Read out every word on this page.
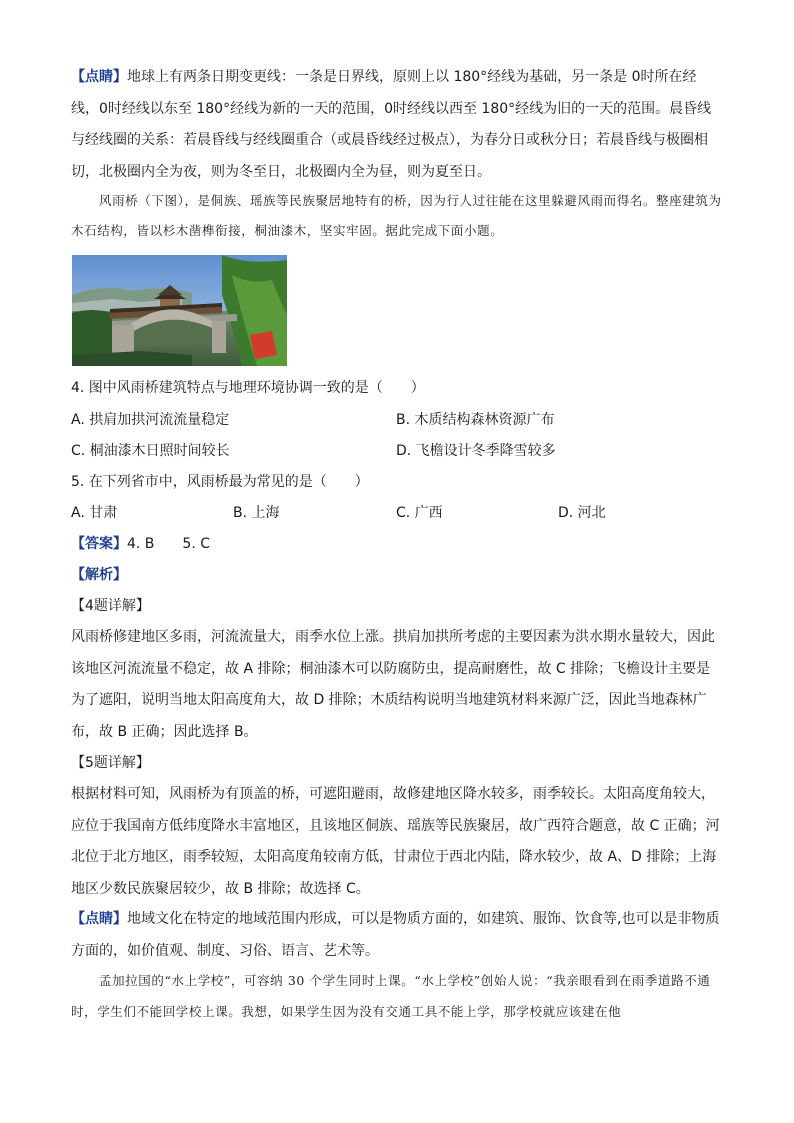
【点睛】地球上有两条日期变更线：一条是日界线，原则上以 180°经线为基础，另一条是 0时所在经线，0时经线以东至 180°经线为新的一天的范围，0时经线以西至 180°经线为旧的一天的范围。晨昏线与经线圈的关系：若晨昏线与经线圈重合（或晨昏线经过极点），为春分日或秋分日；若晨昏线与极圈相切，北极圈内全为夜，则为冬至日，北极圈内全为昼，则为夏至日。

风雨桥（下图），是侗族、瑶族等民族聚居地特有的桥，因为行人过往能在这里躲避风雨而得名。整座建筑为木石结构，皆以杉木凿榫衔接，桐油漆木，坚实牢固。据此完成下面小题。

4. 图中风雨桥建筑特点与地理环境协调一致的是（　　）

A. 拱肩加拱河流流量稳定	B. 木质结构森林资源广布
C. 桐油漆木日照时间较长	D. 飞檐设计冬季降雪较多

5. 在下列省市中，风雨桥最为常见的是（　　）

A. 甘肃	B. 上海	C. 广西	D. 河北

【答案】4. B　　5. C

【解析】

【4题详解】

风雨桥修建地区多雨，河流流量大，雨季水位上涨。拱肩加拱所考虑的主要因素为洪水期水量较大，因此该地区河流流量不稳定，故 A 排除；桐油漆木可以防腐防虫，提高耐磨性，故 C 排除；飞檐设计主要是为了遮阳，说明当地太阳高度角大，故 D 排除；木质结构说明当地建筑材料来源广泛，因此当地森林广布，故 B 正确；因此选择 B。

【5题详解】

根据材料可知，风雨桥为有顶盖的桥，可遮阳避雨，故修建地区降水较多，雨季较长。太阳高度角较大，应位于我国南方低纬度降水丰富地区，且该地区侗族、瑶族等民族聚居，故广西符合题意，故 C 正确；河北位于北方地区，雨季较短，太阳高度角较南方低，甘肃位于西北内陆，降水较少，故 A、D 排除；上海地区少数民族聚居较少，故 B 排除；故选择 C。

【点睛】地域文化在特定的地域范围内形成，可以是物质方面的，如建筑、服饰、饮食等,也可以是非物质方面的，如价值观、制度、习俗、语言、艺术等。

孟加拉国的“水上学校”，可容纳 30 个学生同时上课。“水上学校”创始人说：“我亲眼看到在雨季道路不通时，学生们不能回学校上课。我想，如果学生因为没有交通工具不能上学，那学校就应该建在他
